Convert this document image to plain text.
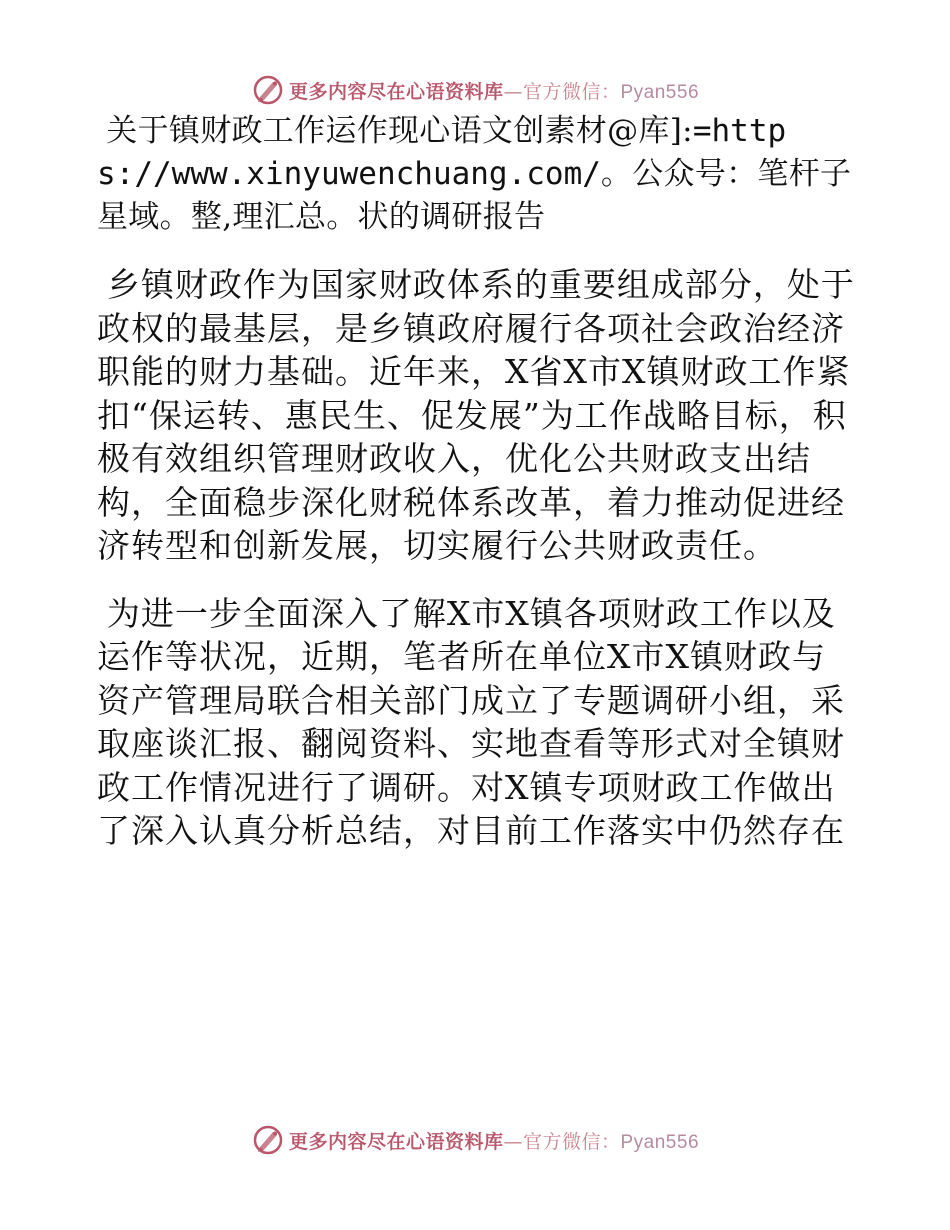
更多内容尽在心语资料库—官方微信：Pyan556

关于镇财政工作运作现心语文创素材@库]:=https://www.xinyuwenchuang.com/。公众号：笔杆子星域。整,理汇总。状的调研报告

乡镇财政作为国家财政体系的重要组成部分，处于政权的最基层，是乡镇政府履行各项社会政治经济职能的财力基础。近年来，X省X市X镇财政工作紧扣“保运转、惠民生、促发展”为工作战略目标，积极有效组织管理财政收入，优化公共财政支出结构，全面稳步深化财税体系改革，着力推动促进经济转型和创新发展，切实履行公共财政责任。

为进一步全面深入了解X市X镇各项财政工作以及运作等状况，近期，笔者所在单位X市X镇财政与资产管理局联合相关部门成立了专题调研小组，采取座谈汇报、翻阅资料、实地查看等形式对全镇财政工作情况进行了调研。对X镇专项财政工作做出了深入认真分析总结，对目前工作落实中仍然存在

更多内容尽在心语资料库—官方微信：Pyan556
